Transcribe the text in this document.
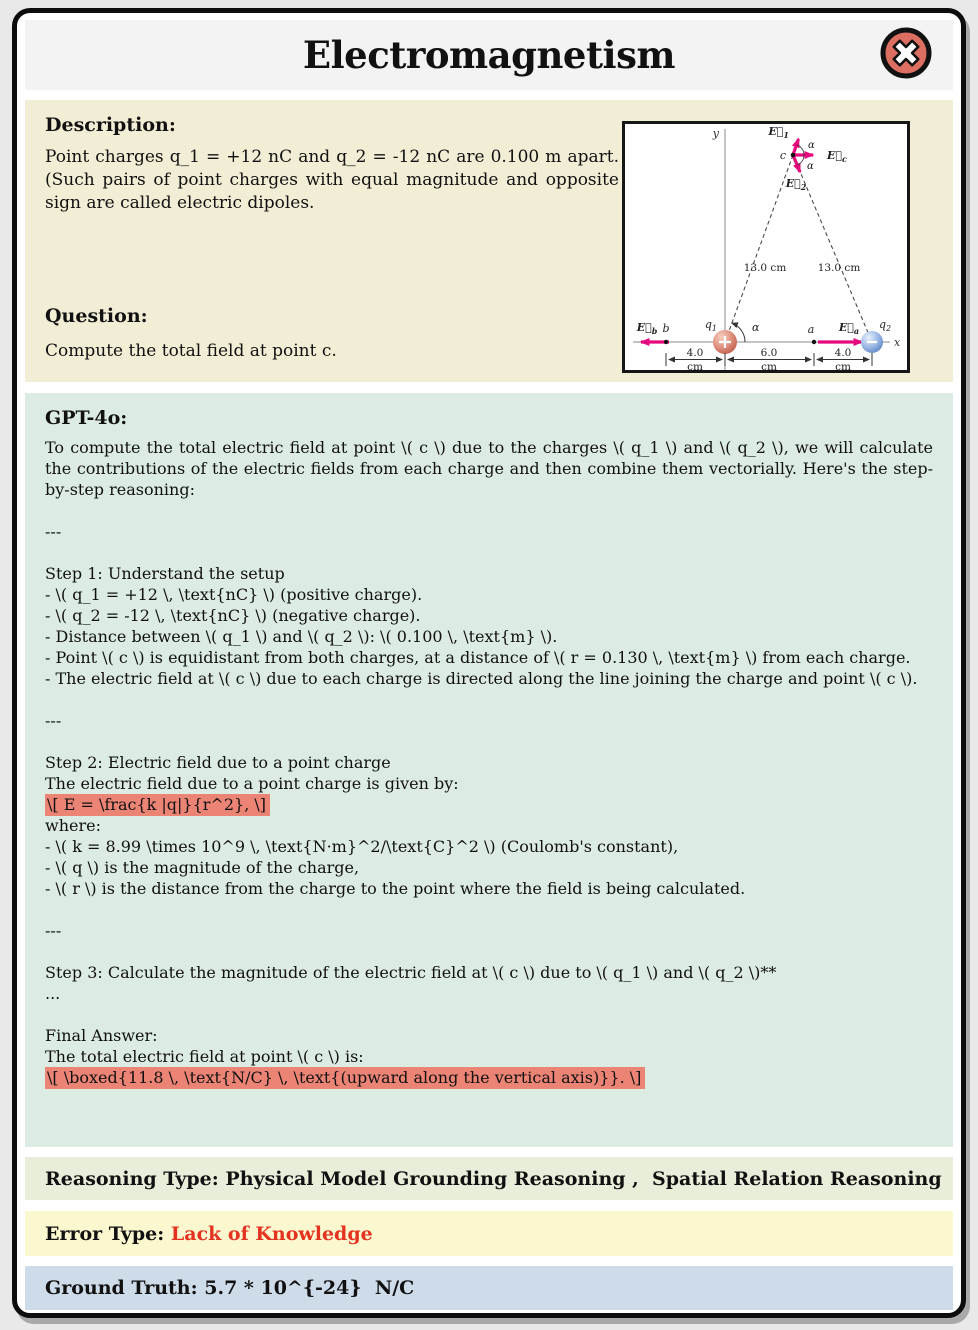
Electromagnetism
Description:
Point charges q_1 = +12 nC and q_2 = -12 nC are 0.100 m apart. (Such pairs of point charges with equal magnitude and opposite sign are called electric dipoles.
Question:
Compute the total field at point c.
y
x
13.0 cm	13.0 cm
α
$E⃗_b$ b	a $E⃗_a$
$q_1$	$q_2$
c
$E⃗_1$
$E⃗_c$
$E⃗_2$
α
α
4.0	6.0	4.0
cm	cm	cm
GPT-4o:
To compute the total electric field at point \( c \) due to the charges \( q_1 \) and \( q_2 \), we will calculate the contributions of the electric fields from each charge and then combine them vectorially. Here's the step-by-step reasoning:

---

Step 1: Understand the setup
- \( q_1 = +12 \, \text{nC} \) (positive charge).
- \( q_2 = -12 \, \text{nC} \) (negative charge).
- Distance between \( q_1 \) and \( q_2 \): \( 0.100 \, \text{m} \).
- Point \( c \) is equidistant from both charges, at a distance of \( r = 0.130 \, \text{m} \) from each charge.
- The electric field at \( c \) due to each charge is directed along the line joining the charge and point \( c \).

---

Step 2: Electric field due to a point charge
The electric field due to a point charge is given by:
\[ E = \frac{k |q|}{r^2}, \]
where:
- \( k = 8.99 \times 10^9 \, \text{N·m}^2/\text{C}^2 \) (Coulomb's constant),
- \( q \) is the magnitude of the charge,
- \( r \) is the distance from the charge to the point where the field is being calculated.

---

Step 3: Calculate the magnitude of the electric field at \( c \) due to \( q_1 \) and \( q_2 \)**
...

Final Answer:
The total electric field at point \( c \) is:
\[ \boxed{11.8 \, \text{N/C} \, \text{(upward along the vertical axis)}}. \]
Reasoning Type: Physical Model Grounding Reasoning ,  Spatial Relation Reasoning
Error Type: Lack of Knowledge
Ground Truth: 5.7 * 10^{-24}  N/C
